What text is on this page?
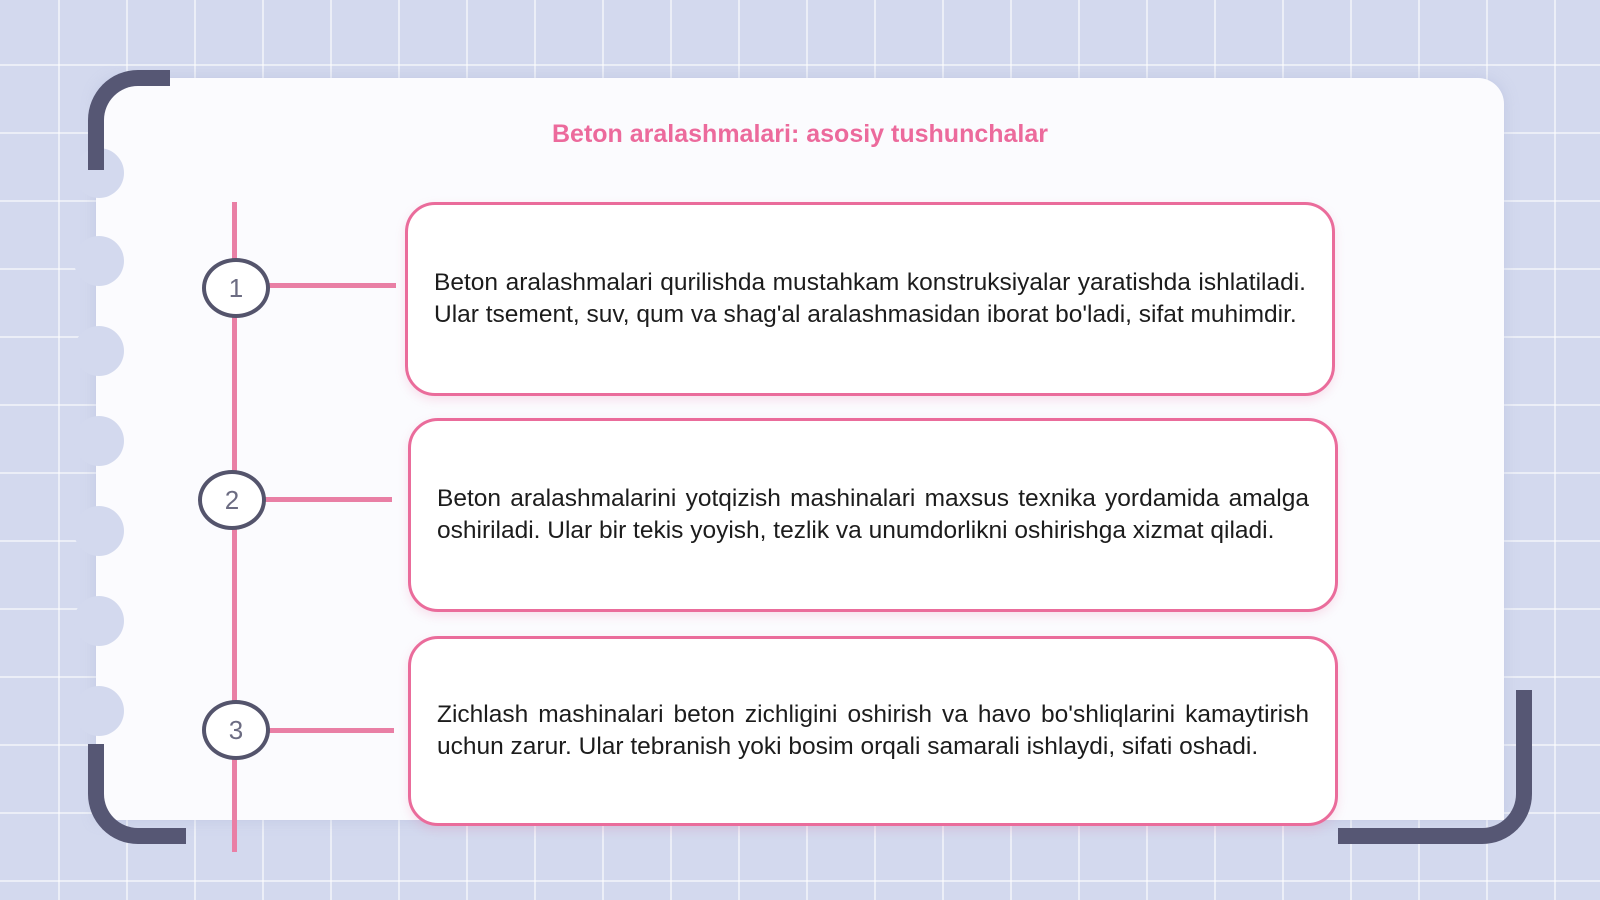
Beton aralashmalari: asosiy tushunchalar
1
2
3

Beton aralashmalari qurilishda mustahkam konstruksiyalar yaratishda ishlatiladi. Ular tsement, suv, qum va shag'al aralashmasidan iborat bo'ladi, sifat muhimdir.

Beton aralashmalarini yotqizish mashinalari maxsus texnika yordamida amalga oshiriladi. Ular bir tekis yoyish, tezlik va unumdorlikni oshirishga xizmat qiladi.

Zichlash mashinalari beton zichligini oshirish va havo bo'shliqlarini kamaytirish uchun zarur. Ular tebranish yoki bosim orqali samarali ishlaydi, sifati oshadi.
